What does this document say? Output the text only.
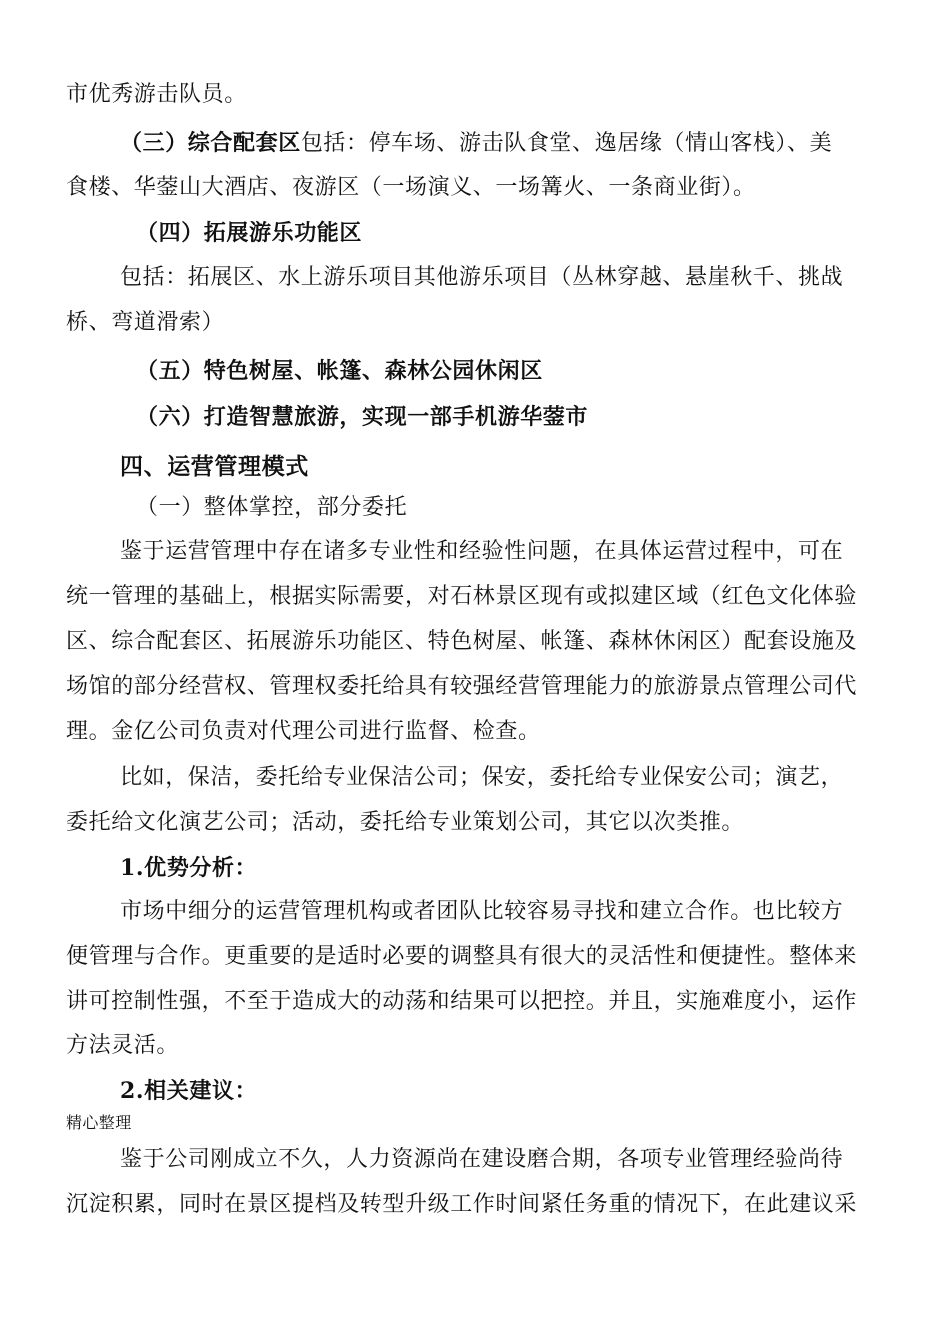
市优秀游击队员。
（三）综合配套区包括：停车场、游击队食堂、逸居缘（情山客栈）、美
食楼、华蓥山大酒店、夜游区（一场演义、一场篝火、一条商业街）。
（四）拓展游乐功能区
包括：拓展区、水上游乐项目其他游乐项目（丛林穿越、悬崖秋千、挑战
桥、弯道滑索）
（五）特色树屋、帐篷、森林公园休闲区
（六）打造智慧旅游，实现一部手机游华蓥市
四、运营管理模式
（一）整体掌控，部分委托
鉴于运营管理中存在诸多专业性和经验性问题，在具体运营过程中，可在
统一管理的基础上，根据实际需要，对石林景区现有或拟建区域（红色文化体验
区、综合配套区、拓展游乐功能区、特色树屋、帐篷、森林休闲区）配套设施及
场馆的部分经营权、管理权委托给具有较强经营管理能力的旅游景点管理公司代
理。金亿公司负责对代理公司进行监督、检查。
比如，保洁，委托给专业保洁公司；保安，委托给专业保安公司；演艺，
委托给文化演艺公司；活动，委托给专业策划公司，其它以次类推。
1.优势分析：
市场中细分的运营管理机构或者团队比较容易寻找和建立合作。也比较方
便管理与合作。更重要的是适时必要的调整具有很大的灵活性和便捷性。整体来
讲可控制性强，不至于造成大的动荡和结果可以把控。并且，实施难度小，运作
方法灵活。
2.相关建议：
精心整理
鉴于公司刚成立不久，人力资源尚在建设磨合期，各项专业管理经验尚待
沉淀积累，同时在景区提档及转型升级工作时间紧任务重的情况下，在此建议采
